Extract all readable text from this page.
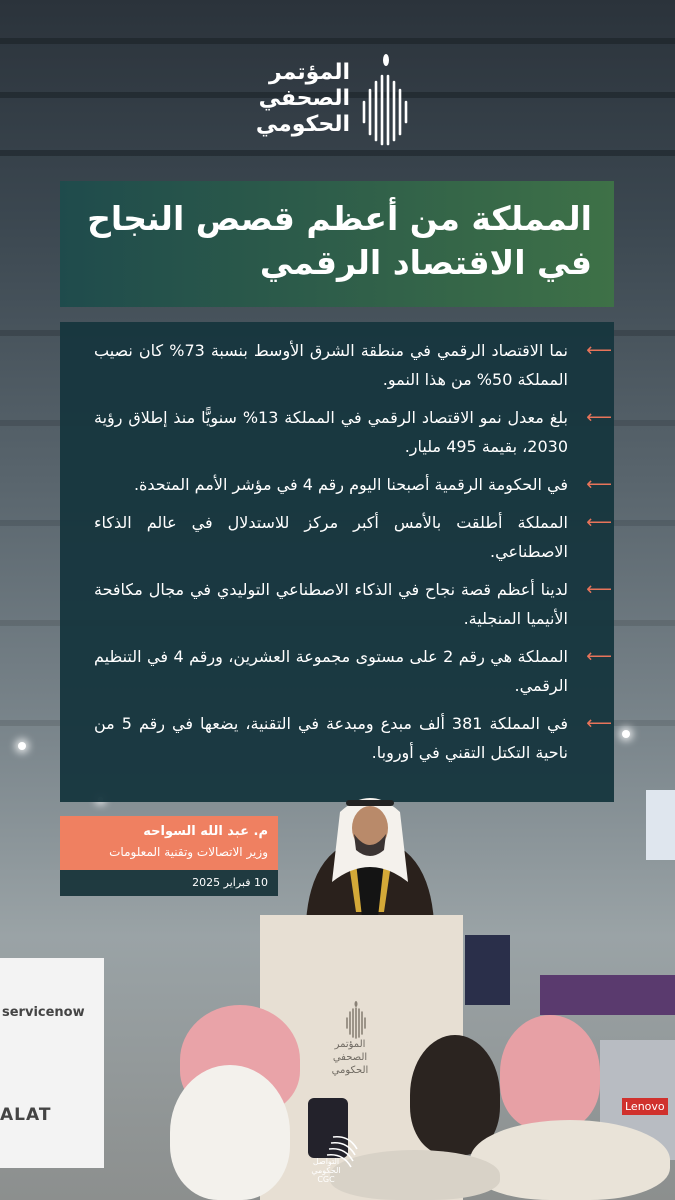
المؤتمر
الصحفي
الحكومي
المملكة من أعظم قصص النجاح
في الاقتصاد الرقمي
⟵
نما الاقتصاد الرقمي في منطقة الشرق الأوسط بنسبة 73% كان نصيب المملكة 50% من هذا النمو.
⟵
بلغ معدل نمو الاقتصاد الرقمي في المملكة 13% سنويًّا منذ إطلاق رؤية 2030، بقيمة 495 مليار.
⟵
في الحكومة الرقمية أصبحنا اليوم رقم 4 في مؤشر الأمم المتحدة.
⟵
المملكة أطلقت بالأمس أكبر مركز للاستدلال في عالم الذكاء الاصطناعي.
⟵
لدينا أعظم قصة نجاح في الذكاء الاصطناعي التوليدي في مجال مكافحة الأنيميا المنجلية.
⟵
المملكة هي رقم 2 على مستوى مجموعة العشرين، ورقم 4 في التنظيم الرقمي.
⟵
في المملكة 381 ألف مبدع ومبدعة في التقنية، يضعها في رقم 5 من ناحية التكتل التقني في أوروبا.
servicenow
ALAT	Lenovo
م. عبد الله السواحه
وزير الاتصالات وتقنية المعلومات
10 فبراير 2025
المؤتمر
الصحفي
الحكومي
التواصل
الحكومي
CGC
